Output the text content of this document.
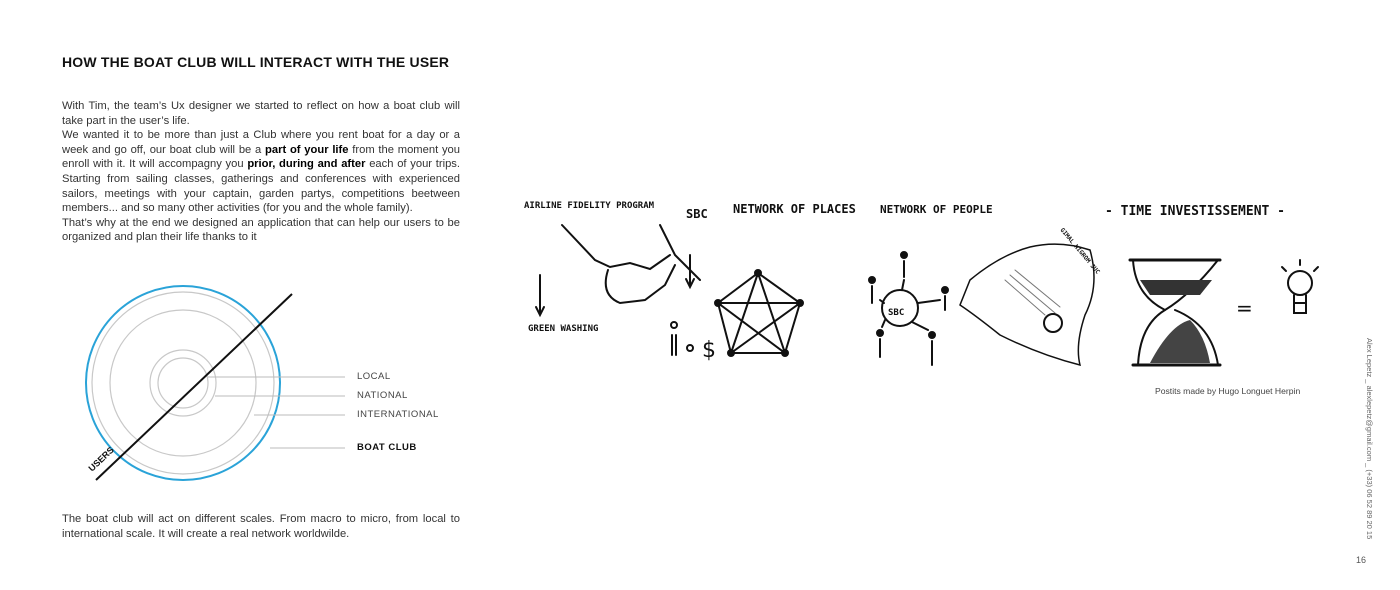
HOW THE BOAT CLUB WILL INTERACT WITH THE USER
With Tim, the team’s Ux designer we started to reflect on how a boat club will take part in the user’s life.
We wanted it to be more than just a Club where you rent boat for a day or a week and go off, our boat club will be a part of your life from the moment you enroll with it. It will accompagny you prior, during and after each of your trips. Starting from sailing classes, gatherings and conferences with experienced sailors, meetings with your captain, garden partys, competitions beetween members... and so many other activities (for you and the whole family).
That’s why at the end we designed an application that can help our users to be organized and plan their life thanks to it
USERS
LOCAL
NATIONAL
INTERNATIONAL
BOAT CLUB
AIRLINE FIDELITY PROGRAM
GREEN WASHING
SBC NETWORK OF PLACES NETWORK OF PEOPLE
SBC
- TIME INVESTISSEMENT -
GIMAL NIGROM JUC
$
=
Postits made by Hugo Longuet Herpin
The boat club will act on different scales. From macro to micro, from local to international scale. It will create a real network worldwilde.	Alex Lepetz _ alexlepetz@gmail.com _ (+33) 06 52 89 20 15
16
